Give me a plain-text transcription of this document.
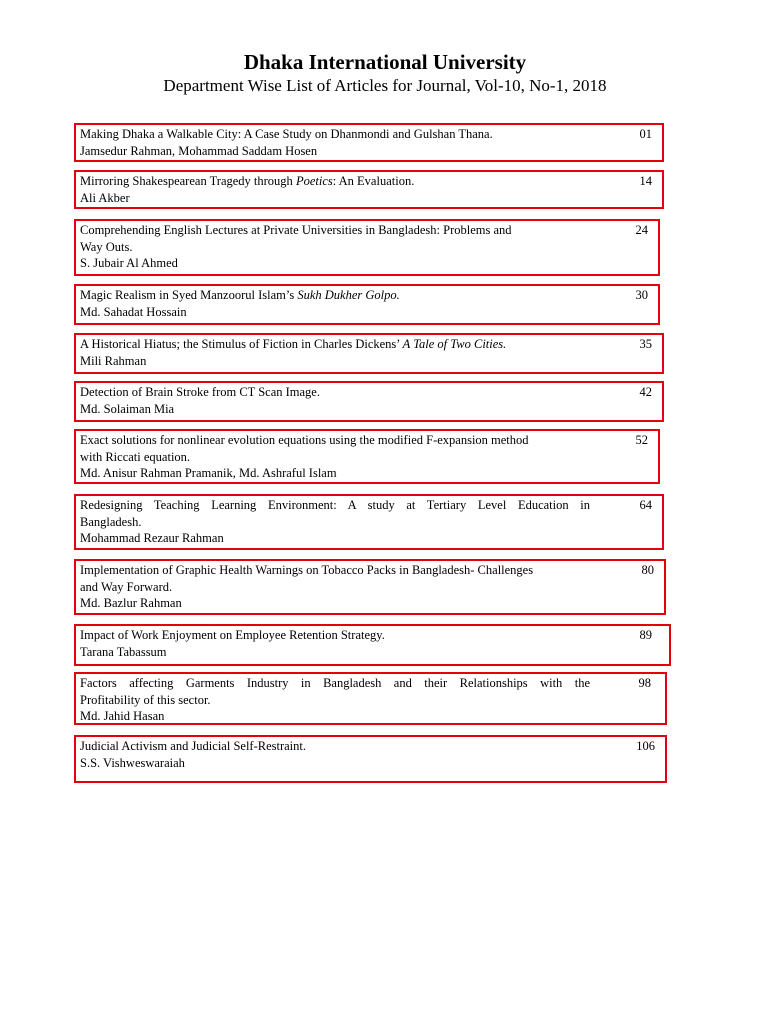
Dhaka International University
Department Wise List of Articles for Journal, Vol-10, No-1, 2018
Making Dhaka a Walkable City: A Case Study on Dhanmondi and Gulshan Thana.
Jamsedur Rahman, Mohammad Saddam Hosen
01
Mirroring Shakespearean Tragedy through Poetics: An Evaluation.
Ali Akber
14
Comprehending English Lectures at Private Universities in Bangladesh: Problems and
Way Outs.
S. Jubair Al Ahmed
24
Magic Realism in Syed Manzoorul Islam’s Sukh Dukher Golpo.
Md. Sahadat Hossain
30
A Historical Hiatus; the Stimulus of Fiction in Charles Dickens’ A Tale of Two Cities.
Mili Rahman
35
Detection of Brain Stroke from CT Scan Image.
Md. Solaiman Mia
42
Exact solutions for nonlinear evolution equations using the modified F-expansion method
with Riccati equation.
Md. Anisur Rahman Pramanik, Md. Ashraful Islam
52
Redesigning Teaching Learning Environment: A study at Tertiary Level Education in
Bangladesh.
Mohammad Rezaur Rahman
64
Implementation of Graphic Health Warnings on Tobacco Packs in Bangladesh- Challenges
and Way Forward.
Md. Bazlur Rahman
80
Impact of Work Enjoyment on Employee Retention Strategy.
Tarana Tabassum
89
Factors affecting Garments Industry in Bangladesh and their Relationships with the
Profitability of this sector.
Md. Jahid Hasan
98
Judicial Activism and Judicial Self-Restraint.
S.S. Vishweswaraiah
106
